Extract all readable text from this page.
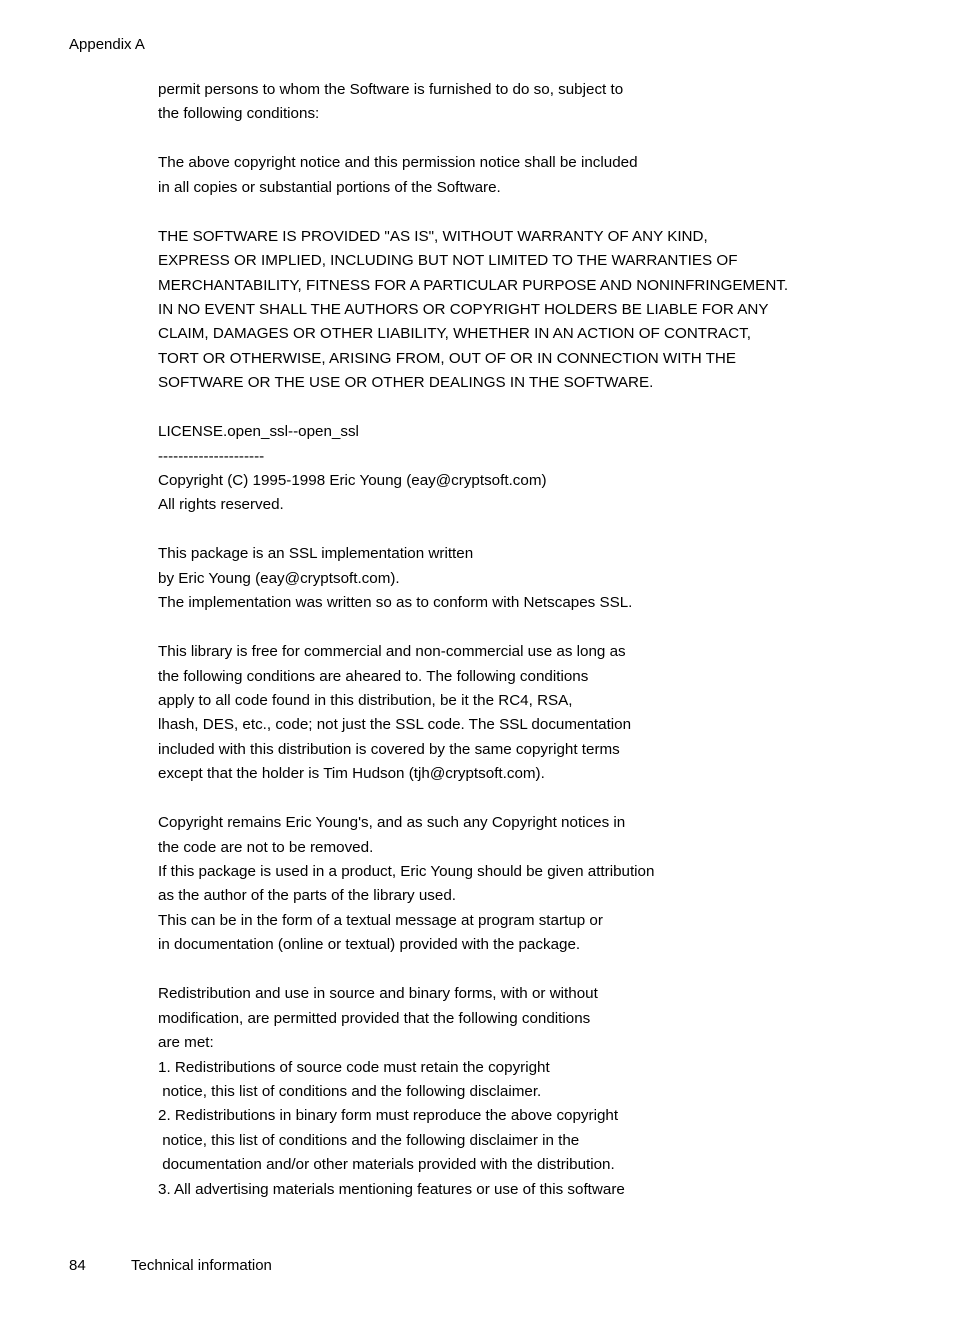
Appendix A
permit persons to whom the Software is furnished to do so, subject to
the following conditions:
The above copyright notice and this permission notice shall be included
in all copies or substantial portions of the Software.
THE SOFTWARE IS PROVIDED "AS IS", WITHOUT WARRANTY OF ANY KIND,
EXPRESS OR IMPLIED, INCLUDING BUT NOT LIMITED TO THE WARRANTIES OF
MERCHANTABILITY, FITNESS FOR A PARTICULAR PURPOSE AND NONINFRINGEMENT.
IN NO EVENT SHALL THE AUTHORS OR COPYRIGHT HOLDERS BE LIABLE FOR ANY
CLAIM, DAMAGES OR OTHER LIABILITY, WHETHER IN AN ACTION OF CONTRACT,
TORT OR OTHERWISE, ARISING FROM, OUT OF OR IN CONNECTION WITH THE
SOFTWARE OR THE USE OR OTHER DEALINGS IN THE SOFTWARE.
LICENSE.open_ssl--open_ssl
---------------------
Copyright (C) 1995-1998 Eric Young (eay@cryptsoft.com)
All rights reserved.
This package is an SSL implementation written
by Eric Young (eay@cryptsoft.com).
The implementation was written so as to conform with Netscapes SSL.
This library is free for commercial and non-commercial use as long as
the following conditions are aheared to. The following conditions
apply to all code found in this distribution, be it the RC4, RSA,
lhash, DES, etc., code; not just the SSL code. The SSL documentation
included with this distribution is covered by the same copyright terms
except that the holder is Tim Hudson (tjh@cryptsoft.com).
Copyright remains Eric Young's, and as such any Copyright notices in
the code are not to be removed.
If this package is used in a product, Eric Young should be given attribution
as the author of the parts of the library used.
This can be in the form of a textual message at program startup or
in documentation (online or textual) provided with the package.
Redistribution and use in source and binary forms, with or without
modification, are permitted provided that the following conditions
are met:
1. Redistributions of source code must retain the copyright
notice, this list of conditions and the following disclaimer.
2. Redistributions in binary form must reproduce the above copyright
notice, this list of conditions and the following disclaimer in the
documentation and/or other materials provided with the distribution.
3. All advertising materials mentioning features or use of this software
84	Technical information
